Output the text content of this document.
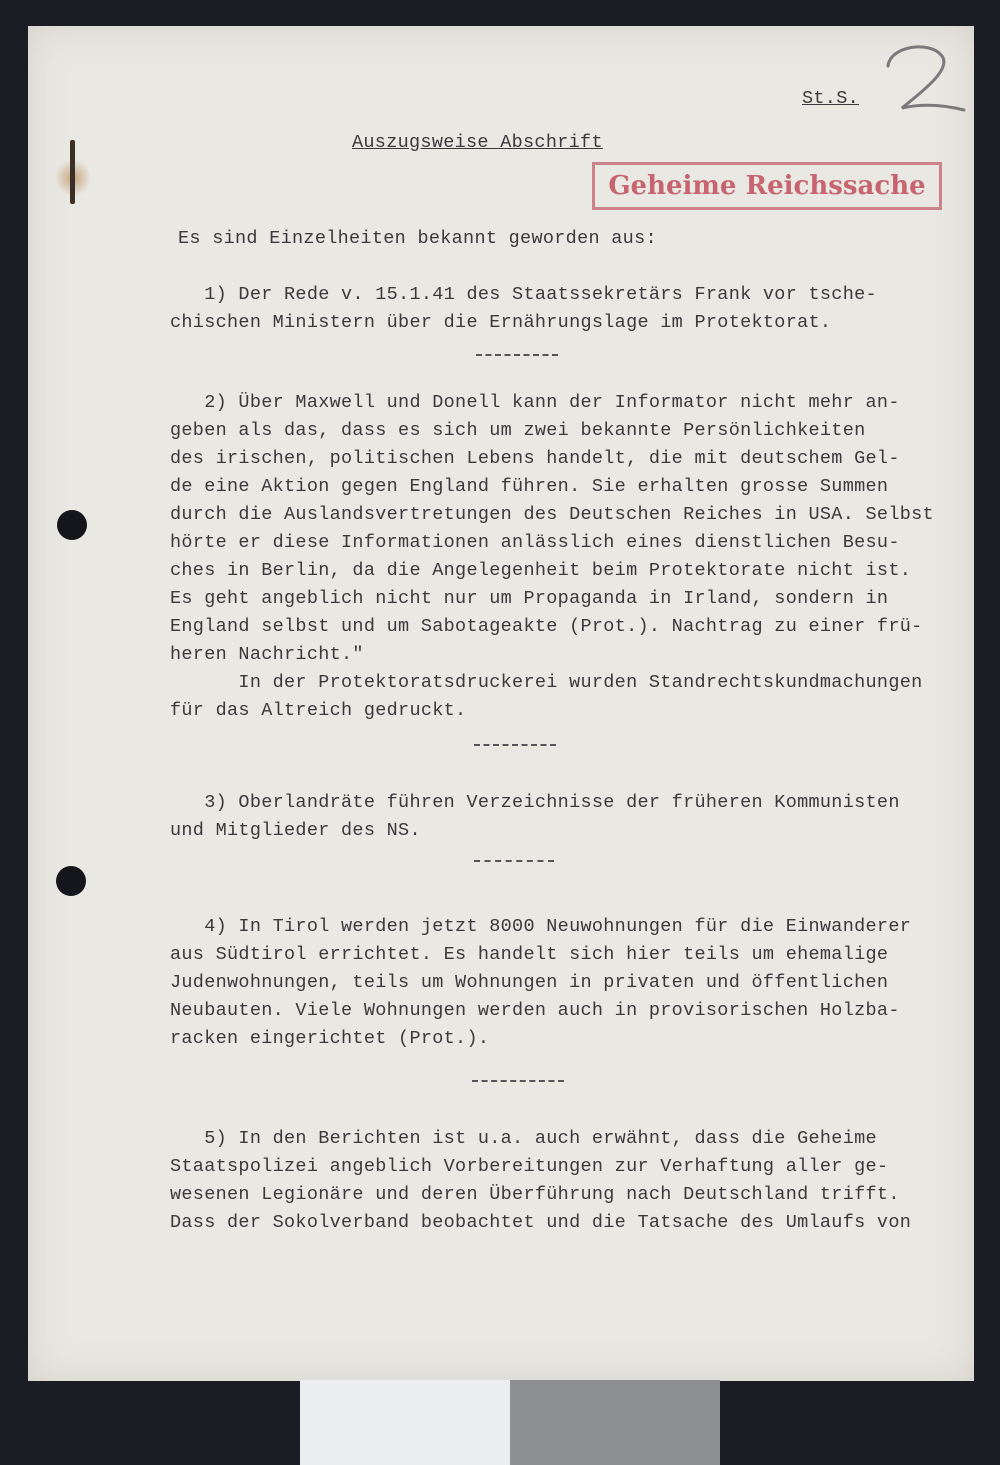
St.S.
Auszugsweise Abschrift
Geheime Reichssache
Es sind Einzelheiten bekannt geworden aus:
1) Der Rede v. 15.1.41 des Staatssekretärs Frank vor tsche-
chischen Ministern über die Ernährungslage im Protektorat.
2) Über Maxwell und Donell kann der Informator nicht mehr an-
geben als das, dass es sich um zwei bekannte Persönlichkeiten
des irischen, politischen Lebens handelt, die mit deutschem Gel-
de eine Aktion gegen England führen. Sie erhalten grosse Summen
durch die Auslandsvertretungen des Deutschen Reiches in USA. Selbst
hörte er diese Informationen anlässlich eines dienstlichen Besu-
ches in Berlin, da die Angelegenheit beim Protektorate nicht ist.
Es geht angeblich nicht nur um Propaganda in Irland, sondern in
England selbst und um Sabotageakte (Prot.). Nachtrag zu einer frü-
heren Nachricht."
In der Protektoratsdruckerei wurden Standrechtskundmachungen
für das Altreich gedruckt.
3) Oberlandräte führen Verzeichnisse der früheren Kommunisten
und Mitglieder des NS.
4) In Tirol werden jetzt 8000 Neuwohnungen für die Einwanderer
aus Südtirol errichtet. Es handelt sich hier teils um ehemalige
Judenwohnungen, teils um Wohnungen in privaten und öffentlichen
Neubauten. Viele Wohnungen werden auch in provisorischen Holzba-
racken eingerichtet (Prot.).
5) In den Berichten ist u.a. auch erwähnt, dass die Geheime
Staatspolizei angeblich Vorbereitungen zur Verhaftung aller ge-
wesenen Legionäre und deren Überführung nach Deutschland trifft.
Dass der Sokolverband beobachtet und die Tatsache des Umlaufs von
